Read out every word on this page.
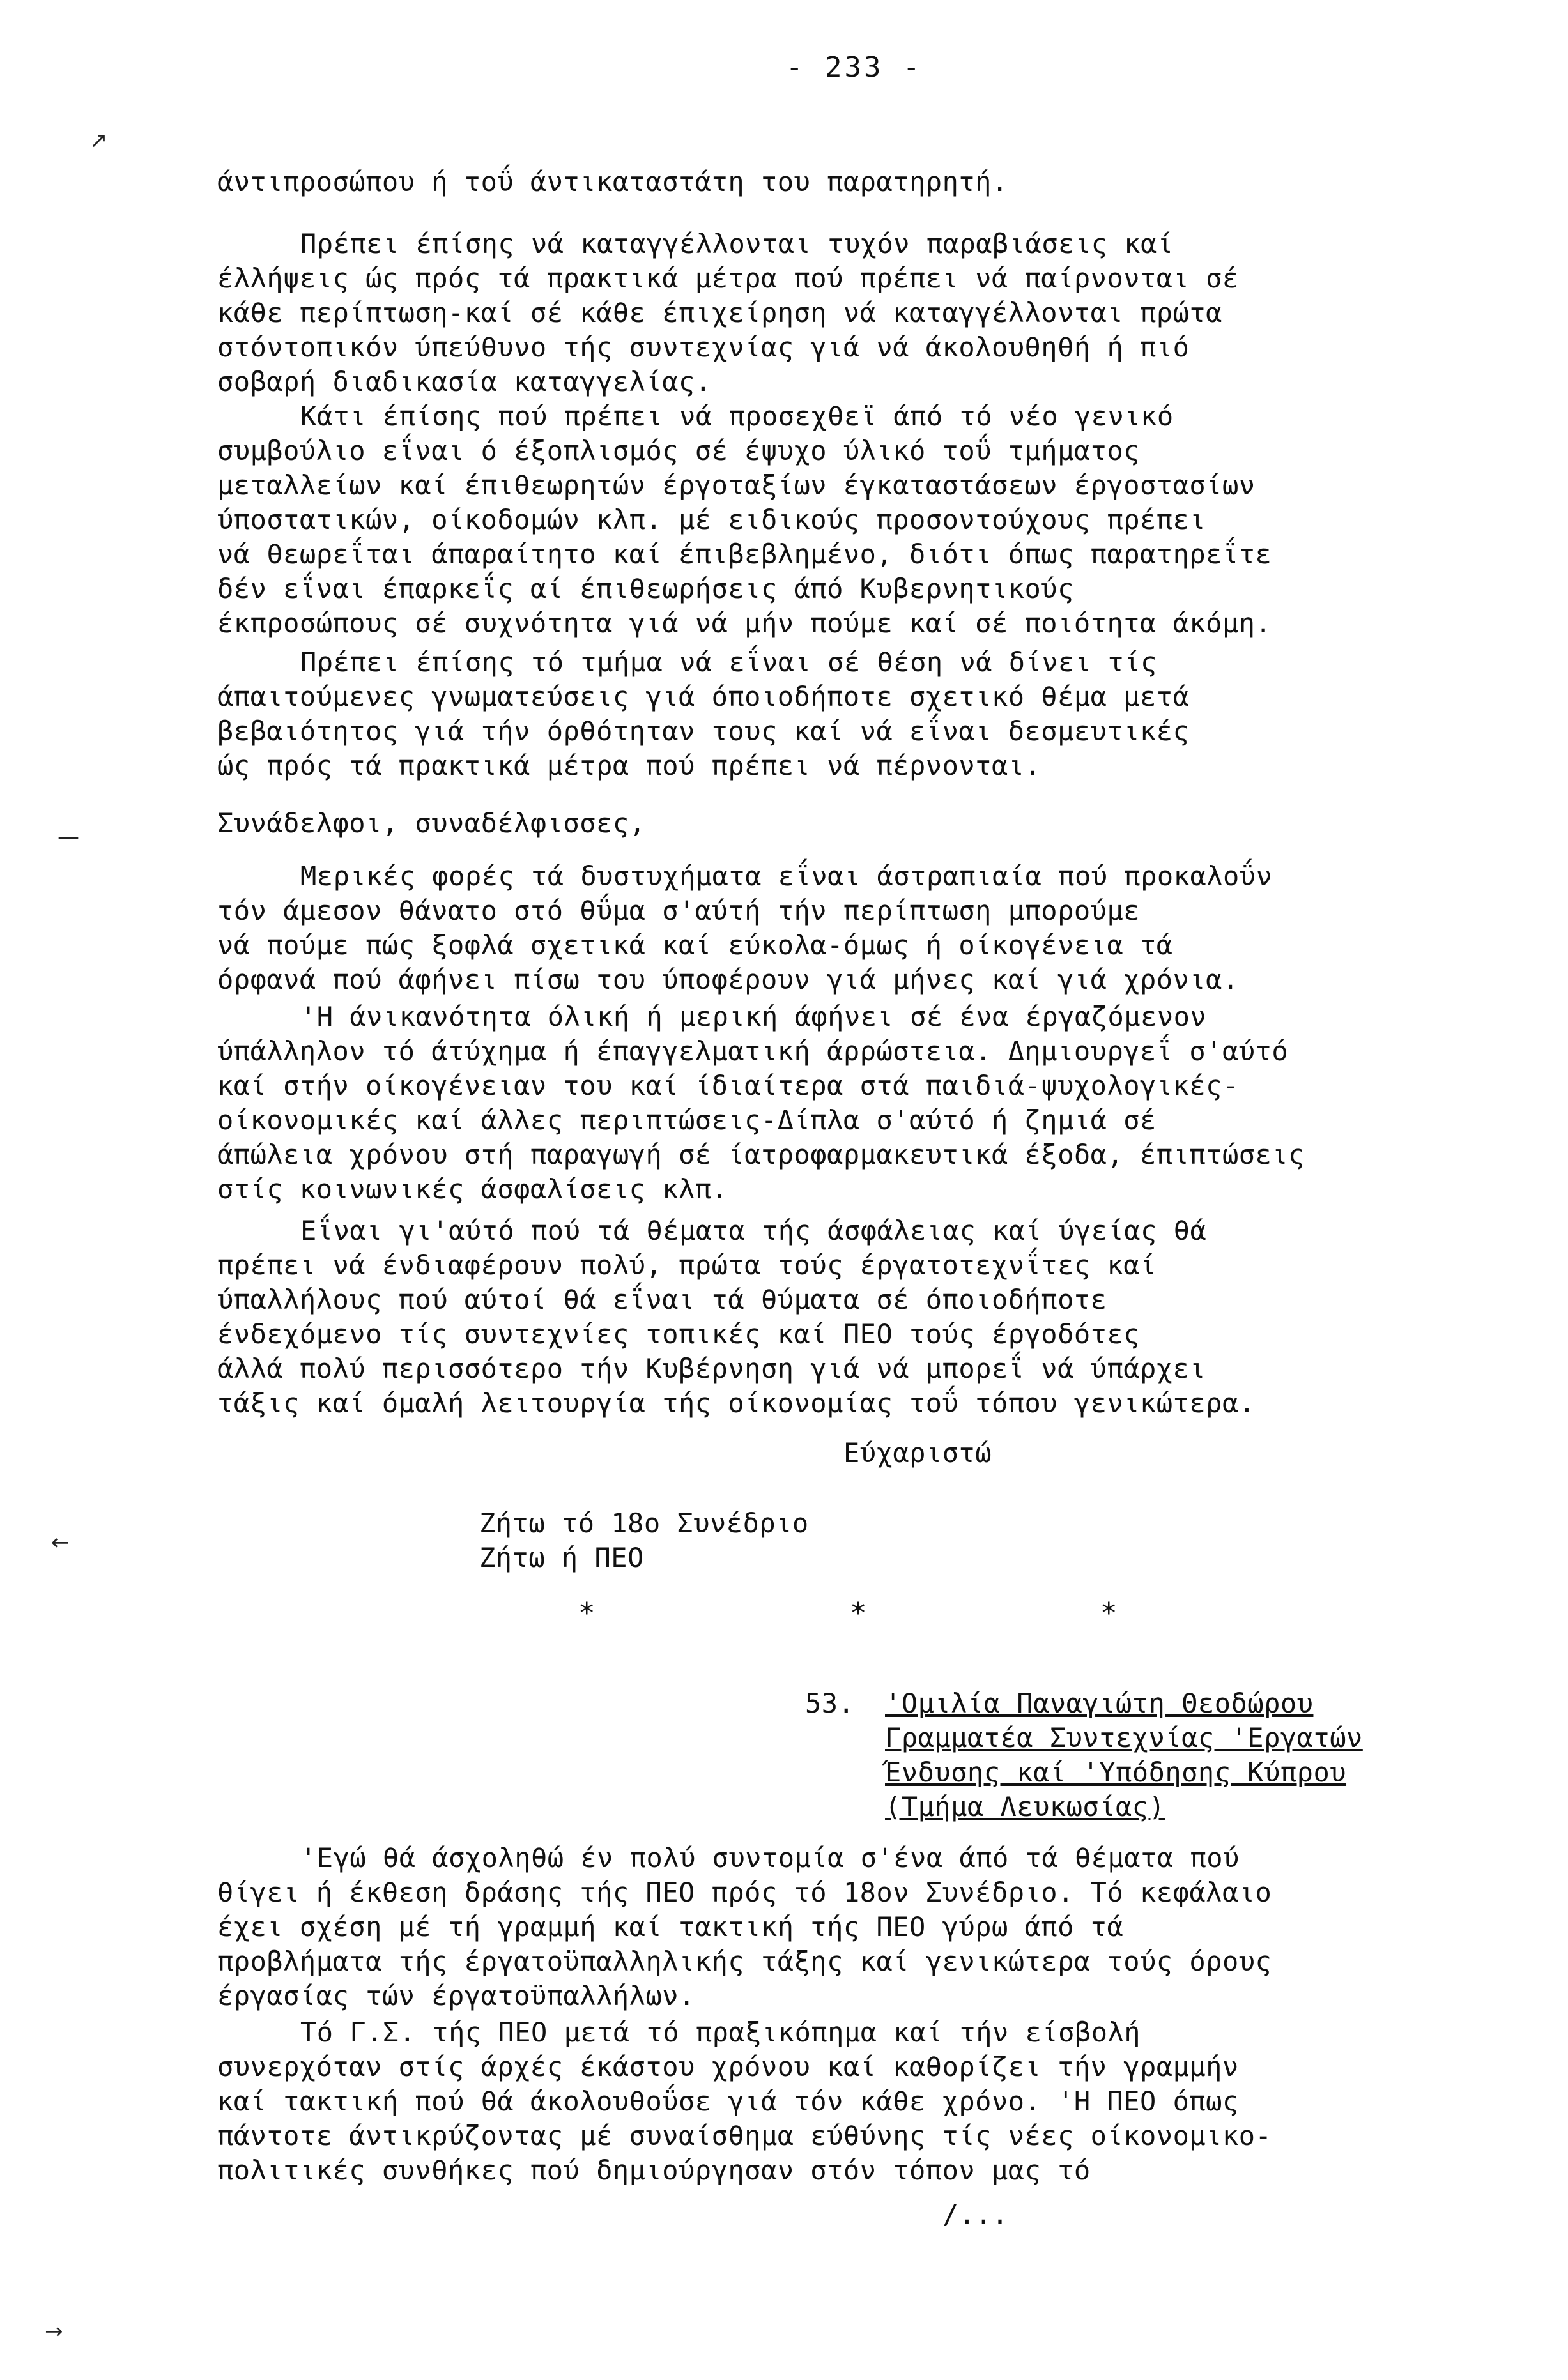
- 233 -
↗
—
←
→
άντιπροσώπου ή τοΰ άντικαταστάτη του παρατηρητή.
Πρέπει έπίσης νά καταγγέλλονται τυχόν παραβιάσεις καί
έλλήψεις ώς πρός τά πρακτικά μέτρα πού πρέπει νά παίρνονται σέ
κάθε περίπτωση-καί σέ κάθε έπιχείρηση νά καταγγέλλονται πρώτα
στόντοπικόν ύπεύθυνο τής συντεχνίας γιά νά άκολουθηθή ή πιό
σοβαρή διαδικασία καταγγελίας.
Κάτι έπίσης πού πρέπει νά προσεχθεϊ άπό τό νέο γενικό
συμβούλιο εΐναι ό έξοπλισμός σέ έψυχο ύλικό τοΰ τμήματος
μεταλλείων καί έπιθεωρητών έργοταξίων έγκαταστάσεων έργοστασίων
ύποστατικών, οίκοδομών κλπ. μέ ειδικούς προσοντούχους πρέπει
νά θεωρεΐται άπαραίτητο καί έπιβεβλημένο, διότι όπως παρατηρεΐτε
δέν εΐναι έπαρκεΐς αί έπιθεωρήσεις άπό Κυβερνητικούς
έκπροσώπους σέ συχνότητα γιά νά μήν πούμε καί σέ ποιότητα άκόμη.
Πρέπει έπίσης τό τμήμα νά εΐναι σέ θέση νά δίνει τίς
άπαιτούμενες γνωματεύσεις γιά όποιοδήποτε σχετικό θέμα μετά
βεβαιότητος γιά τήν όρθότηταν τους καί νά εΐναι δεσμευτικές
ώς πρός τά πρακτικά μέτρα πού πρέπει νά πέρνονται.
Συνάδελφοι, συναδέλφισσες,
Μερικές φορές τά δυστυχήματα εΐναι άστραπιαία πού προκαλοΰν
τόν άμεσον θάνατο στό θΰμα σ'αύτή τήν περίπτωση μπορούμε
νά πούμε πώς ξοφλά σχετικά καί εύκολα-όμως ή οίκογένεια τά
όρφανά πού άφήνει πίσω του ύποφέρουν γιά μήνες καί γιά χρόνια.
'Η άνικανότητα όλική ή μερική άφήνει σέ ένα έργαζόμενον
ύπάλληλον τό άτύχημα ή έπαγγελματική άρρώστεια. Δημιουργεΐ σ'αύτό
καί στήν οίκογένειαν του καί ίδιαίτερα στά παιδιά-ψυχολογικές-
οίκονομικές καί άλλες περιπτώσεις-Δίπλα σ'αύτό ή ζημιά σέ
άπώλεια χρόνου στή παραγωγή σέ ίατροφαρμακευτικά έξοδα, έπιπτώσεις
στίς κοινωνικές άσφαλίσεις κλπ.
Εΐναι γι'αύτό πού τά θέματα τής άσφάλειας καί ύγείας θά
πρέπει νά ένδιαφέρουν πολύ, πρώτα τούς έργατοτεχνΐτες καί
ύπαλλήλους πού αύτοί θά εΐναι τά θύματα σέ όποιοδήποτε
ένδεχόμενο τίς συντεχνίες τοπικές καί ΠΕΟ τούς έργοδότες
άλλά πολύ περισσότερο τήν Κυβέρνηση γιά νά μπορεΐ νά ύπάρχει
τάξις καί όμαλή λειτουργία τής οίκονομίας τοΰ τόπου γενικώτερα.
Εύχαριστώ
Ζήτω τό 18ο Συνέδριο
Ζήτω ή ΠΕΟ
*	*	*
53.	'Ομιλία Παναγιώτη Θεοδώρου
Γραμματέα Συντεχνίας 'Εργατών
Ένδυσης καί 'Υπόδησης Κύπρου
(Τμήμα Λευκωσίας)
'Εγώ θά άσχοληθώ έν πολύ συντομία σ'ένα άπό τά θέματα πού
θίγει ή έκθεση δράσης τής ΠΕΟ πρός τό 18ον Συνέδριο. Τό κεφάλαιο
έχει σχέση μέ τή γραμμή καί τακτική τής ΠΕΟ γύρω άπό τά
προβλήματα τής έργατοϋπαλληλικής τάξης καί γενικώτερα τούς όρους
έργασίας τών έργατοϋπαλλήλων.
Τό Γ.Σ. τής ΠΕΟ μετά τό πραξικόπημα καί τήν είσβολή
συνερχόταν στίς άρχές έκάστου χρόνου καί καθορίζει τήν γραμμήν
καί τακτική πού θά άκολουθοΰσε γιά τόν κάθε χρόνο. 'Η ΠΕΟ όπως
πάντοτε άντικρύζοντας μέ συναίσθημα εύθύνης τίς νέες οίκονομικο-
πολιτικές συνθήκες πού δημιούργησαν στόν τόπον μας τό
/...
